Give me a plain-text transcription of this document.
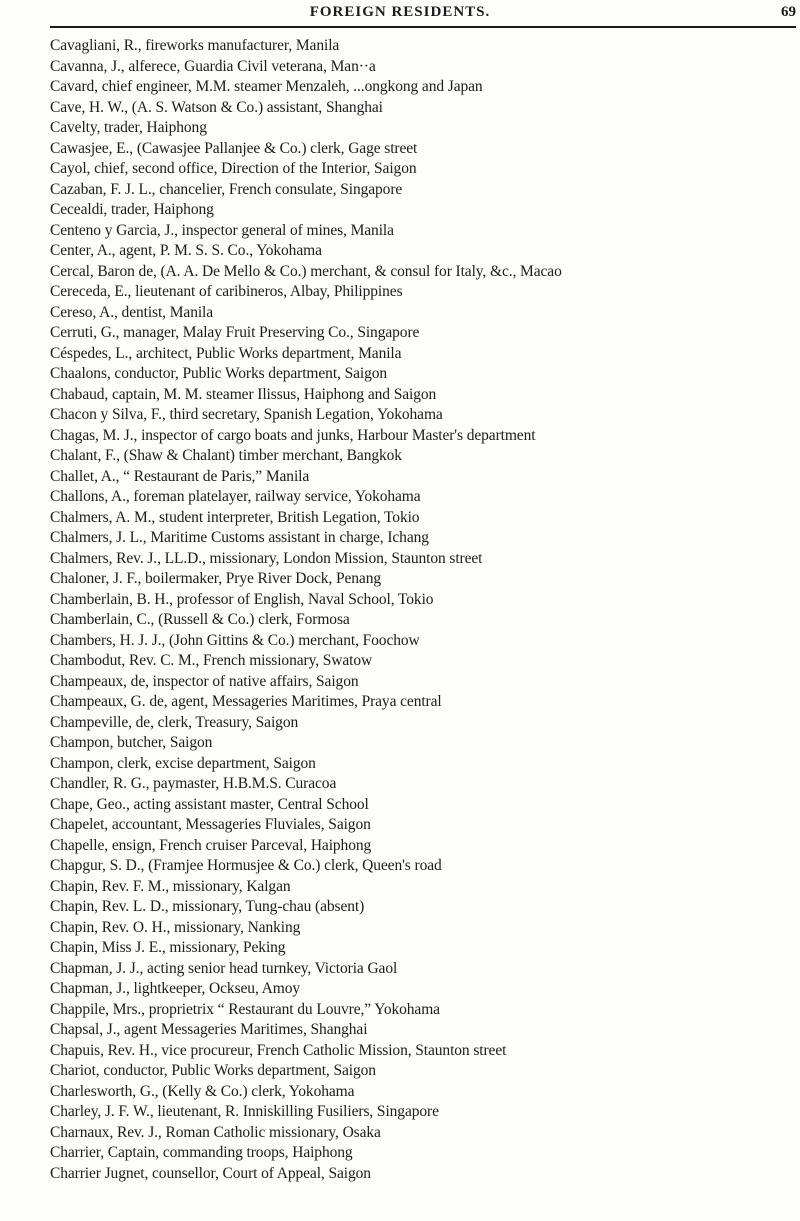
FOREIGN RESIDENTS.	69
Cavagliani, R., fireworks manufacturer, Manila
Cavanna, J., alferece, Guardia Civil veterana, Man··a
Cavard, chief engineer, M.M. steamer Menzaleh, ...ongkong and Japan
Cave, H. W., (A. S. Watson & Co.) assistant, Shanghai
Cavelty, trader, Haiphong
Cawasjee, E., (Cawasjee Pallanjee & Co.) clerk, Gage street
Cayol, chief, second office, Direction of the Interior, Saigon
Cazaban, F. J. L., chancelier, French consulate, Singapore
Cecealdi, trader, Haiphong
Centeno y Garcia, J., inspector general of mines, Manila
Center, A., agent, P. M. S. S. Co., Yokohama
Cercal, Baron de, (A. A. De Mello & Co.) merchant, & consul for Italy, &c., Macao
Cereceda, E., lieutenant of caribineros, Albay, Philippines
Cereso, A., dentist, Manila
Cerruti, G., manager, Malay Fruit Preserving Co., Singapore
Céspedes, L., architect, Public Works department, Manila
Chaalons, conductor, Public Works department, Saigon
Chabaud, captain, M. M. steamer Ilissus, Haiphong and Saigon
Chacon y Silva, F., third secretary, Spanish Legation, Yokohama
Chagas, M. J., inspector of cargo boats and junks, Harbour Master's department
Chalant, F., (Shaw & Chalant) timber merchant, Bangkok
Challet, A., “ Restaurant de Paris,” Manila
Challons, A., foreman platelayer, railway service, Yokohama
Chalmers, A. M., student interpreter, British Legation, Tokio
Chalmers, J. L., Maritime Customs assistant in charge, Ichang
Chalmers, Rev. J., LL.D., missionary, London Mission, Staunton street
Chaloner, J. F., boilermaker, Prye River Dock, Penang
Chamberlain, B. H., professor of English, Naval School, Tokio
Chamberlain, C., (Russell & Co.) clerk, Formosa
Chambers, H. J. J., (John Gittins & Co.) merchant, Foochow
Chambodut, Rev. C. M., French missionary, Swatow
Champeaux, de, inspector of native affairs, Saigon
Champeaux, G. de, agent, Messageries Maritimes, Praya central
Champeville, de, clerk, Treasury, Saigon
Champon, butcher, Saigon
Champon, clerk, excise department, Saigon
Chandler, R. G., paymaster, H.B.M.S. Curacoa
Chape, Geo., acting assistant master, Central School
Chapelet, accountant, Messageries Fluviales, Saigon
Chapelle, ensign, French cruiser Parceval, Haiphong
Chapgur, S. D., (Framjee Hormusjee & Co.) clerk, Queen's road
Chapin, Rev. F. M., missionary, Kalgan
Chapin, Rev. L. D., missionary, Tung-chau (absent)
Chapin, Rev. O. H., missionary, Nanking
Chapin, Miss J. E., missionary, Peking
Chapman, J. J., acting senior head turnkey, Victoria Gaol
Chapman, J., lightkeeper, Ockseu, Amoy
Chappile, Mrs., proprietrix “ Restaurant du Louvre,” Yokohama
Chapsal, J., agent Messageries Maritimes, Shanghai
Chapuis, Rev. H., vice procureur, French Catholic Mission, Staunton street
Chariot, conductor, Public Works department, Saigon
Charlesworth, G., (Kelly & Co.) clerk, Yokohama
Charley, J. F. W., lieutenant, R. Inniskilling Fusiliers, Singapore
Charnaux, Rev. J., Roman Catholic missionary, Osaka
Charrier, Captain, commanding troops, Haiphong
Charrier Jugnet, counsellor, Court of Appeal, Saigon
